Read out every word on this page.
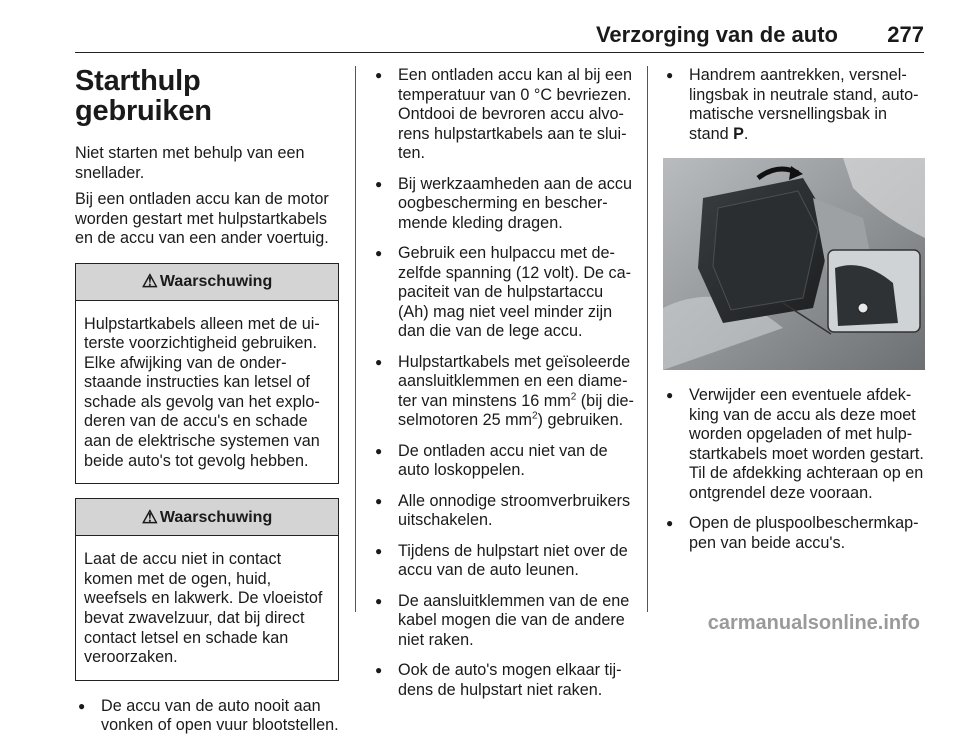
Verzorging van de auto 277
Starthulp gebruiken

Niet starten met behulp van een snellader.

Bij een ontladen accu kan de motor worden gestart met hulpstartkabels en de accu van een ander voertuig.

⚠ Waarschuwing
Hulpstartkabels alleen met de uiterste voorzichtigheid gebruiken. Elke afwijking van de onderstaande instructies kan letsel of schade als gevolg van het exploderen van de accu's en schade aan de elektrische systemen van beide auto's tot gevolg hebben.
⚠ Waarschuwing
Laat de accu niet in contact komen met de ogen, huid, weefsels en lakwerk. De vloeistof bevat zwavelzuur, dat bij direct contact letsel en schade kan veroorzaken.
● De accu van de auto nooit aan vonken of open vuur blootstellen.
● Een ontladen accu kan al bij een temperatuur van 0 °C bevriezen. Ontdooi de bevroren accu alvorens hulpstartkabels aan te sluiten.
● Bij werkzaamheden aan de accu oogbescherming en beschermende kleding dragen.
● Gebruik een hulpaccu met dezelfde spanning (12 volt). De capaciteit van de hulpstartaccu (Ah) mag niet veel minder zijn dan die van de lege accu.
● Hulpstartkabels met geïsoleerde aansluitklemmen en een diameter van minstens 16 $mm^2$ (bij dieselmotoren 25 $mm^2$) gebruiken.
● De ontladen accu niet van de auto loskoppelen.
● Alle onnodige stroomverbruikers uitschakelen.
● Tijdens de hulpstart niet over de accu van de auto leunen.
● De aansluitklemmen van de ene kabel mogen die van de andere niet raken.
● Ook de auto's mogen elkaar tijdens de hulpstart niet raken.
● Handrem aantrekken, versnellingsbak in neutrale stand, automatische versnellingsbak in stand P.
● Verwijder een eventuele afdekking van de accu als deze moet worden opgeladen of met hulpstartkabels moet worden gestart. Til de afdekking achteraan op en ontgrendel deze vooraan.
● Open de pluspoolbeschermkappen van beide accu's.
carmanualsonline.info
